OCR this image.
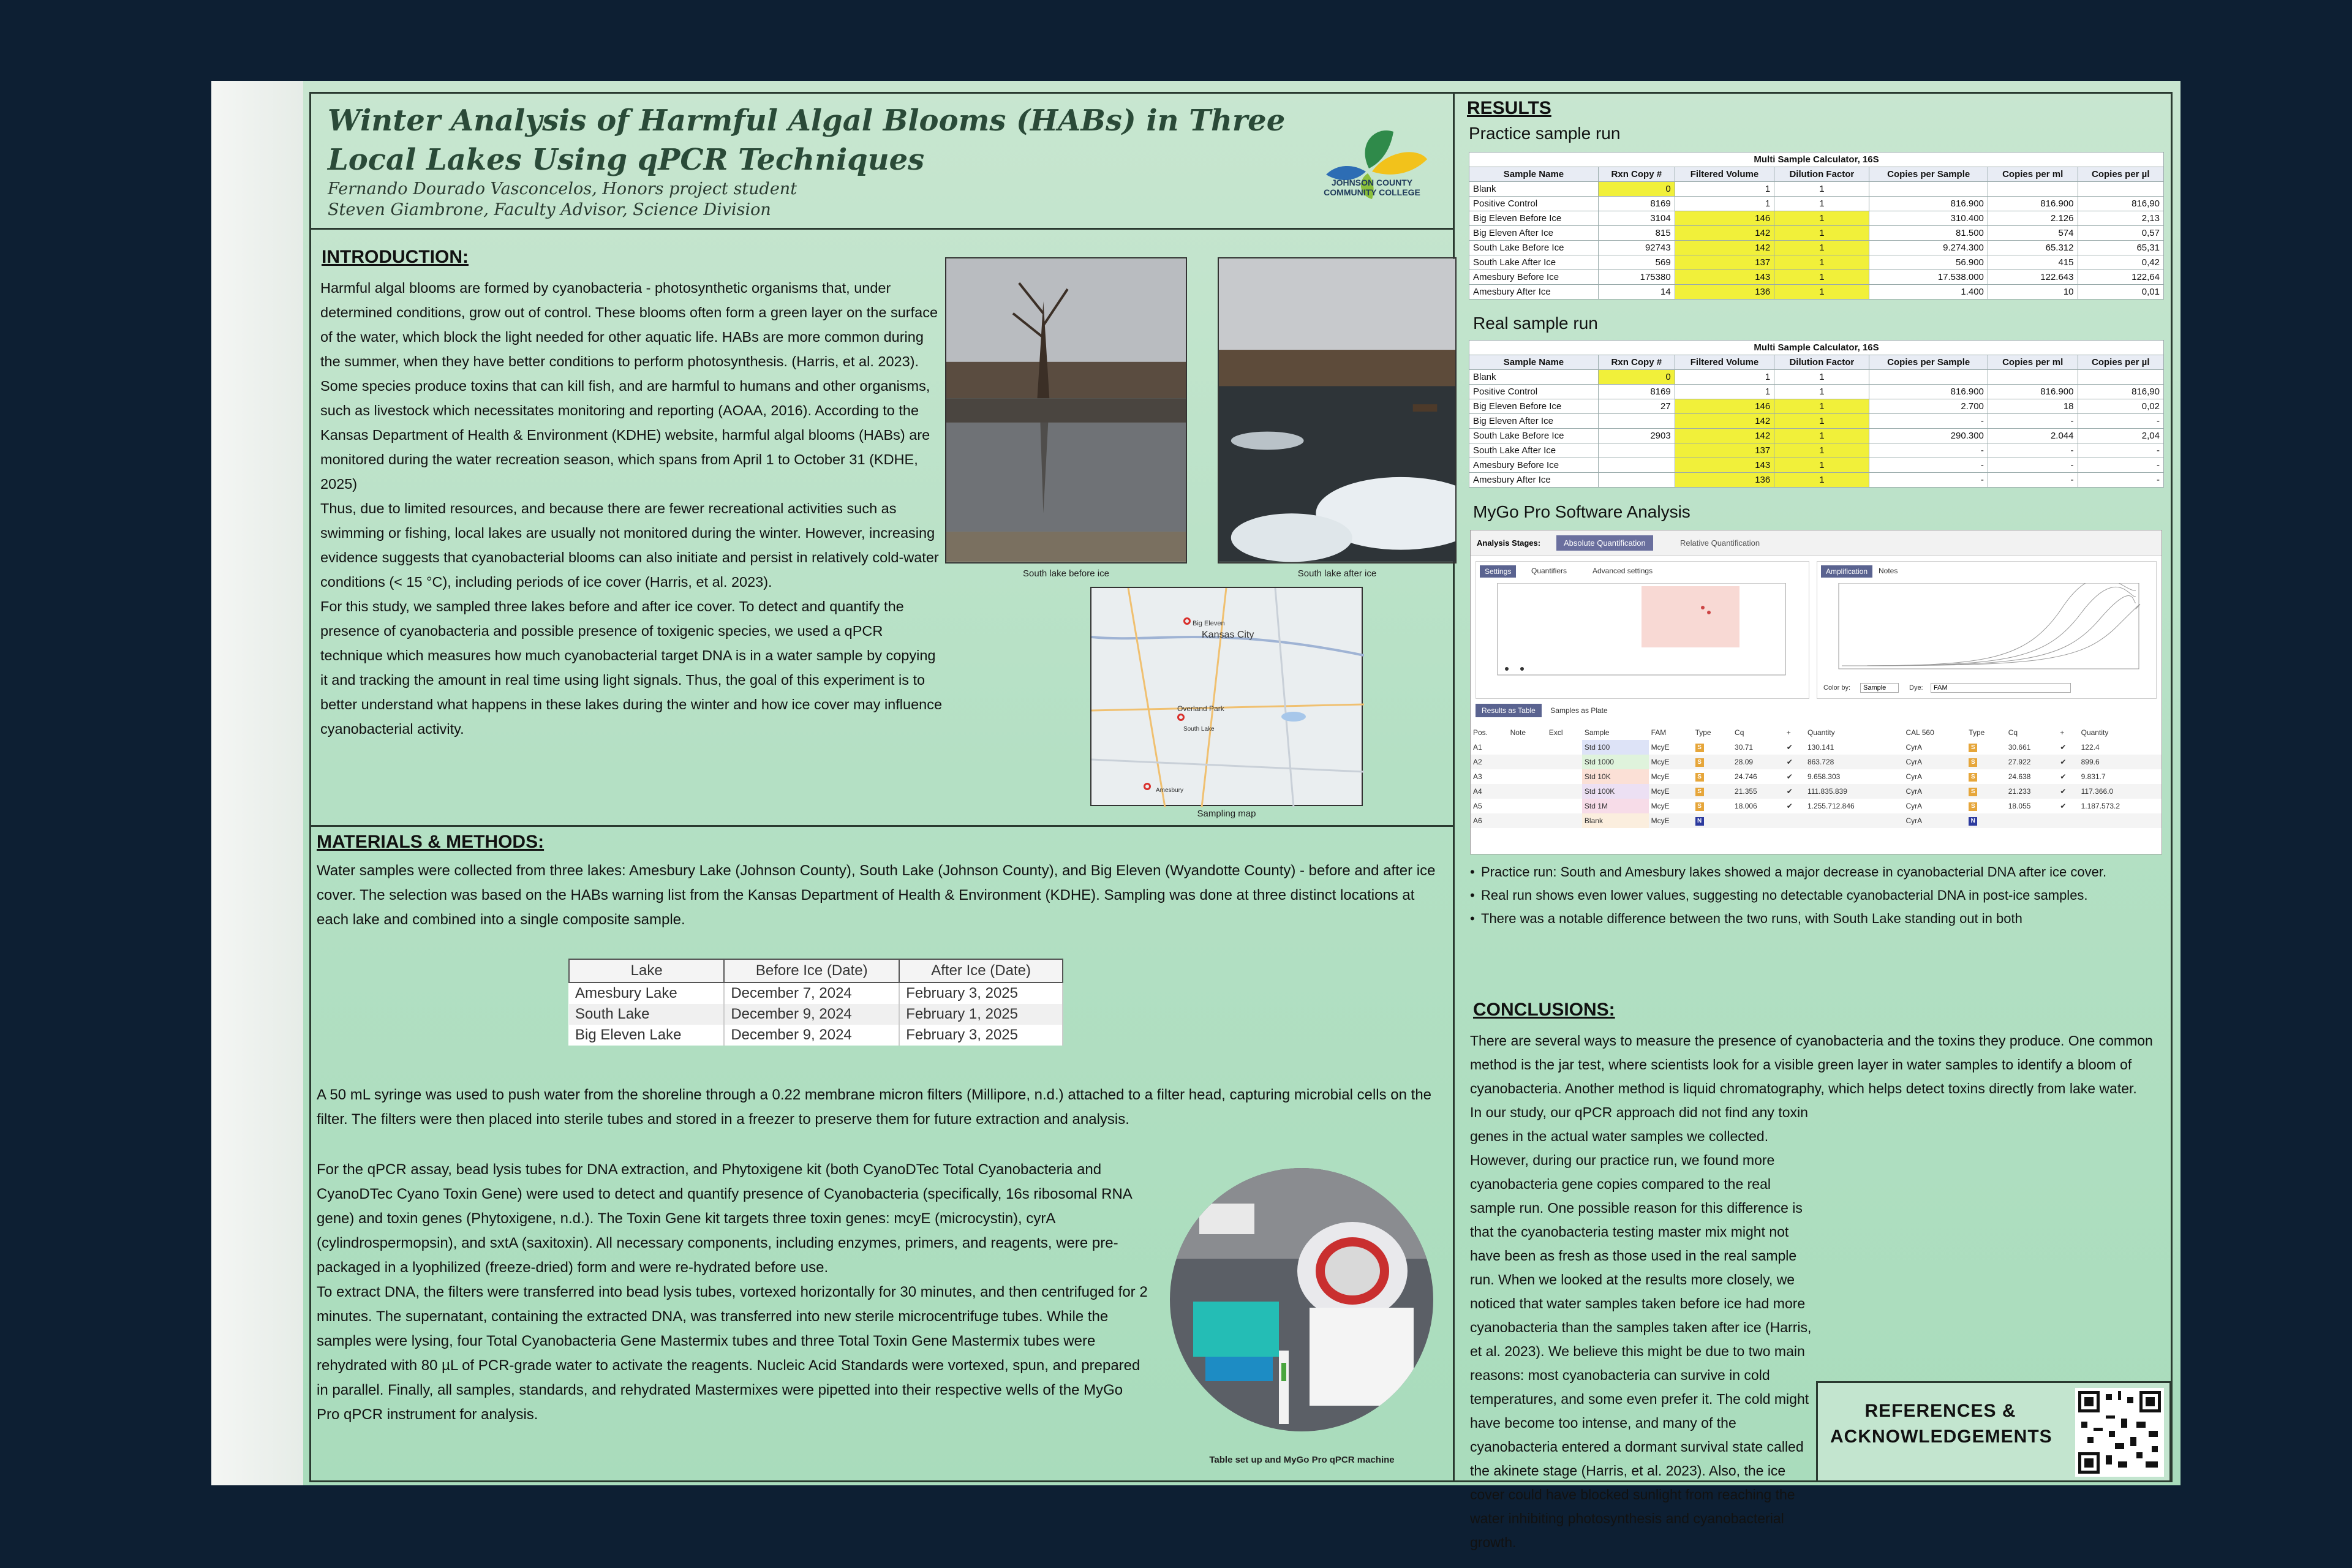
Winter Analysis of Harmful Algal Blooms (HABs) in Three Local Lakes Using qPCR Techniques
Fernando Dourado Vasconcelos, Honors project student
Steven Giambrone, Faculty Advisor, Science Division
JOHNSON COUNTY
COMMUNITY COLLEGE
INTRODUCTION:

Harmful algal blooms are formed by cyanobacteria - photosynthetic organisms that, under determined conditions, grow out of control. These blooms often form a green layer on the surface of the water, which block the light needed for other aquatic life. HABs are more common during the summer, when they have better conditions to perform photosynthesis. (Harris, et al. 2023).

Some species produce toxins that can kill fish, and are harmful to humans and other organisms, such as livestock which necessitates monitoring and reporting (AOAA, 2016). According to the Kansas Department of Health & Environment (KDHE) website, harmful algal blooms (HABs) are monitored during the water recreation season, which spans from April 1 to October 31 (KDHE, 2025)

Thus, due to limited resources, and because there are fewer recreational activities such as swimming or fishing, local lakes are usually not monitored during the winter. However, increasing evidence suggests that cyanobacterial blooms can also initiate and persist in relatively cold-water conditions (< 15 °C), including periods of ice cover (Harris, et al. 2023).

For this study, we sampled three lakes before and after ice cover. To detect and quantify the presence of cyanobacteria and possible presence of toxigenic species, we used a qPCR technique which measures how much cyanobacterial target DNA is in a water sample by copying it and tracking the amount in real time using light signals. Thus, the goal of this experiment is to better understand what happens in these lakes during the winter and how ice cover may influence cyanobacterial activity.

South lake before ice	South lake after ice
Big Eleven
Kansas City
Overland Park
South Lake
Amesbury
Sampling map
MATERIALS & METHODS:
Water samples were collected from three lakes: Amesbury Lake (Johnson County), South Lake (Johnson County), and Big Eleven (Wyandotte County) - before and after ice cover. The selection was based on the HABs warning list from the Kansas Department of Health & Environment (KDHE). Sampling was done at three distinct locations at each lake and combined into a single composite sample.
Lake	Before Ice (Date)	After Ice (Date)
Amesbury Lake	December 7, 2024	February 3, 2025
South Lake	December 9, 2024	February 1, 2025
Big Eleven Lake	December 9, 2024	February 3, 2025
A 50 mL syringe was used to push water from the shoreline through a 0.22 membrane micron filters (Millipore, n.d.) attached to a filter head, capturing microbial cells on the filter. The filters were then placed into sterile tubes and stored in a freezer to preserve them for future extraction and analysis.

For the qPCR assay, bead lysis tubes for DNA extraction, and Phytoxigene kit (both CyanoDTec Total Cyanobacteria and CyanoDTec Cyano Toxin Gene) were used to detect and quantify presence of Cyanobacteria (specifically, 16s ribosomal RNA gene) and toxin genes (Phytoxigene, n.d.). The Toxin Gene kit targets three toxin genes: mcyE (microcystin), cyrA (cylindrospermopsin), and sxtA (saxitoxin). All necessary components, including enzymes, primers, and reagents, were pre-packaged in a lyophilized (freeze-dried) form and were re-hydrated before use.

To extract DNA, the filters were transferred into bead lysis tubes, vortexed horizontally for 30 minutes, and then centrifuged for 2 minutes. The supernatant, containing the extracted DNA, was transferred into new sterile microcentrifuge tubes. While the samples were lysing, four Total Cyanobacteria Gene Mastermix tubes and three Total Toxin Gene Mastermix tubes were rehydrated with 80 µL of PCR-grade water to activate the reagents. Nucleic Acid Standards were vortexed, spun, and prepared in parallel. Finally, all samples, standards, and rehydrated Mastermixes were pipetted into their respective wells of the MyGo Pro qPCR instrument for analysis.

Table set up and MyGo Pro qPCR machine
RESULTS
Practice sample run
Multi Sample Calculator, 16S						
Sample Name	Rxn Copy #	Filtered Volume	Dilution Factor	Copies per Sample	Copies per ml	Copies per µl
Blank	0	1	1			
Positive Control	8169	1	1	816.900	816.900	816,90
Big Eleven Before Ice	3104	146	1	310.400	2.126	2,13
Big Eleven After Ice	815	142	1	81.500	574	0,57
South Lake Before Ice	92743	142	1	9.274.300	65.312	65,31
South Lake After Ice	569	137	1	56.900	415	0,42
Amesbury Before Ice	175380	143	1	17.538.000	122.643	122,64
Amesbury After Ice	14	136	1	1.400	10	0,01
Real sample run
Multi Sample Calculator, 16S						
Sample Name	Rxn Copy #	Filtered Volume	Dilution Factor	Copies per Sample	Copies per ml	Copies per µl
Blank	0	1	1			
Positive Control	8169	1	1	816.900	816.900	816,90
Big Eleven Before Ice	27	146	1	2.700	18	0,02
Big Eleven After Ice		142	1	-	-	-
South Lake Before Ice	2903	142	1	290.300	2.044	2,04
South Lake After Ice		137	1	-	-	-
Amesbury Before Ice		143	1	-	-	-
Amesbury After Ice		136	1	-	-	-
MyGo Pro Software Analysis
Analysis Stages:	Absolute Quantification	Relative Quantification
Settings	Quantifiers	Advanced settings	Amplification	Notes
Color by:	Sample	Dye:	FAM
Results as Table Samples as Plate
Pos.	Note	Excl	Sample	FAM	Type	Cq	+	Quantity	CAL 560	Type	Cq	+	Quantity
A1			Std 100	McyE	S	30.71	✔	130.141	CyrA	S	30.661	✔	122.4
A2			Std 1000	McyE	S	28.09	✔	863.728	CyrA	S	27.922	✔	899.6
A3			Std 10K	McyE	S	24.746	✔	9.658.303	CyrA	S	24.638	✔	9.831.7
A4			Std 100K	McyE	S	21.355	✔	111.835.839	CyrA	S	21.233	✔	117.366.0
A5			Std 1M	McyE	S	18.006	✔	1.255.712.846	CyrA	S	18.055	✔	1.187.573.2
A6			Blank	McyE	N				CyrA	N			
• Practice run: South and Amesbury lakes showed a major decrease in cyanobacterial DNA after ice cover.
• Real run shows even lower values, suggesting no detectable cyanobacterial DNA in post-ice samples.
• There was a notable difference between the two runs, with South Lake standing out in both
CONCLUSIONS:

There are several ways to measure the presence of cyanobacteria and the toxins they produce. One common method is the jar test, where scientists look for a visible green layer in water samples to identify a bloom of cyanobacteria. Another method is liquid chromatography, which helps detect toxins directly from lake water.

In our study, our qPCR approach did not find any toxin genes in the actual water samples we collected. However, during our practice run, we found more cyanobacteria gene copies compared to the real sample run. One possible reason for this difference is that the cyanobacteria testing master mix might not have been as fresh as those used in the real sample run. When we looked at the results more closely, we noticed that water samples taken before ice had more cyanobacteria than the samples taken after ice (Harris, et al. 2023). We believe this might be due to two main reasons: most cyanobacteria can survive in cold temperatures, and some even prefer it. The cold might have become too intense, and many of the cyanobacteria entered a dormant survival state called the akinete stage (Harris, et al. 2023). Also, the ice cover could have blocked sunlight from reaching the water inhibiting photosynthesis and cyanobacterial growth.

REFERENCES &
ACKNOWLEDGEMENTS
